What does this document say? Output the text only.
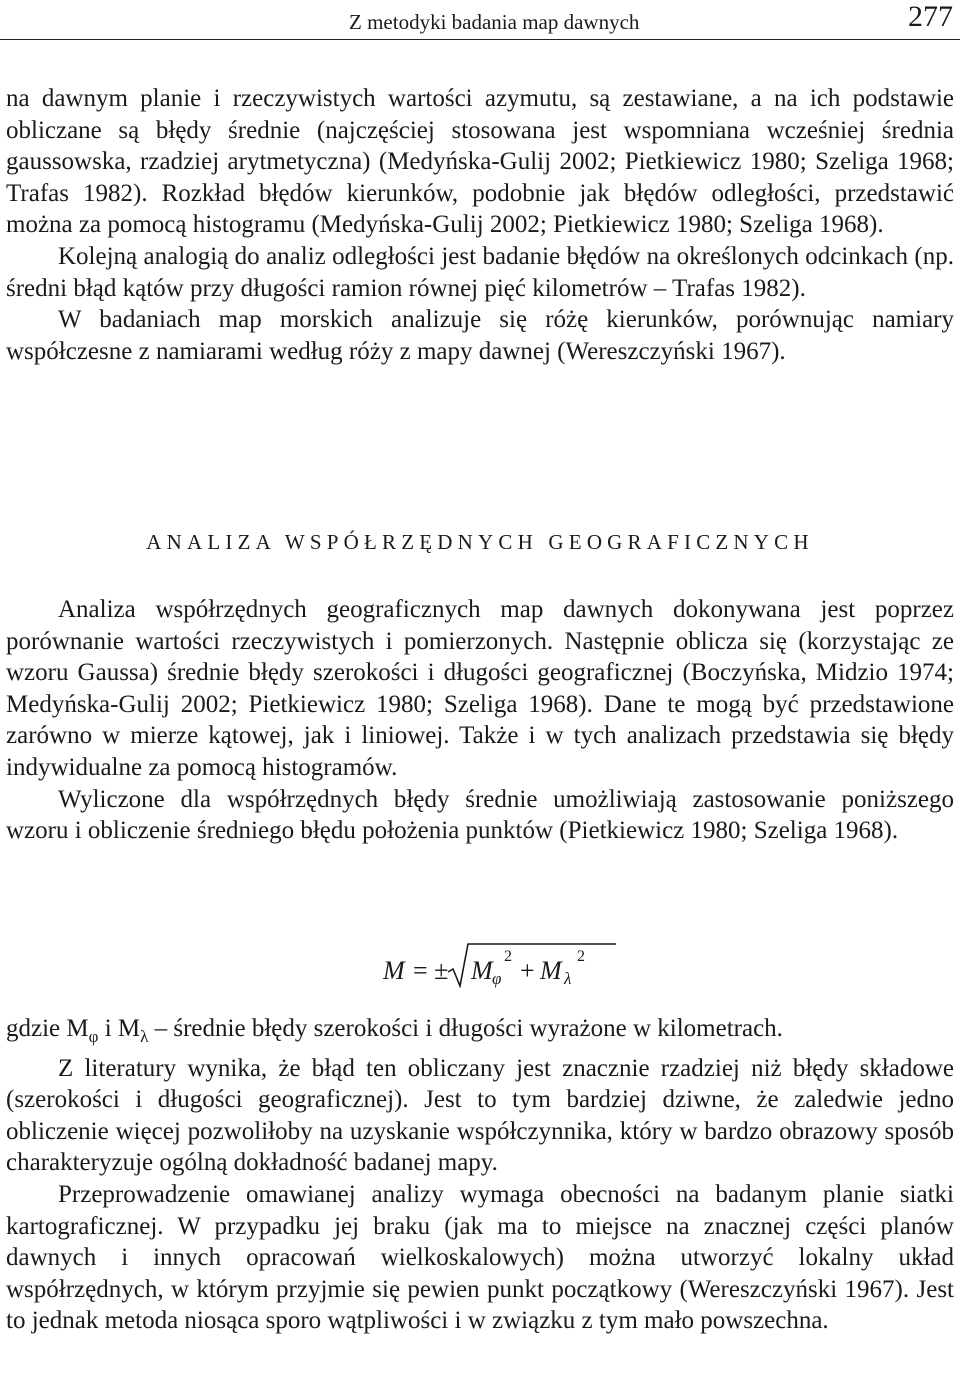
Z metodyki badania map dawnych	277

na dawnym planie i rzeczywistych wartości azymutu, są zestawiane, a na ich podstawie obliczane są błędy średnie (najczęściej stosowana jest wspomniana wcześniej średnia gaussowska, rzadziej arytmetyczna) (Medyńska-Gulij 2002; Pietkiewicz 1980; Szeliga 1968; Trafas 1982). Rozkład błędów kierunków, podobnie jak błędów odległości, przedstawić można za pomocą histogramu (Medyńska-Gulij 2002; Pietkiewicz 1980; Szeliga 1968).

Kolejną analogią do analiz odległości jest badanie błędów na określonych odcinkach (np. średni błąd kątów przy długości ramion równej pięć kilometrów – Trafas 1982).

W badaniach map morskich analizuje się różę kierunków, porównując namiary współczesne z namiarami według róży z mapy dawnej (Wereszczyński 1967).

ANALIZA WSPÓŁRZĘDNYCH GEOGRAFICZNYCH

Analiza współrzędnych geograficznych map dawnych dokonywana jest poprzez porównanie wartości rzeczywistych i pomierzonych. Następnie oblicza się (korzystając ze wzoru Gaussa) średnie błędy szerokości i długości geograficznej (Boczyńska, Midzio 1974; Medyńska-Gulij 2002; Pietkiewicz 1980; Szeliga 1968). Dane te mogą być przedstawione zarówno w mierze kątowej, jak i liniowej. Także i w tych analizach przedstawia się błędy indywidualne za pomocą histogramów.

Wyliczone dla współrzędnych błędy średnie umożliwiają zastosowanie poniższego wzoru i obliczenie średniego błędu położenia punktów (Pietkiewicz 1980; Szeliga 1968).

M = ± M φ
2 + M λ
2

gdzie $M_\varphi$ i $M_\lambda$ – średnie błędy szerokości i długości wyrażone w kilometrach.

Z literatury wynika, że błąd ten obliczany jest znacznie rzadziej niż błędy składowe (szerokości i długości geograficznej). Jest to tym bardziej dziwne, że zaledwie jedno obliczenie więcej pozwoliłoby na uzyskanie współczynnika, który w bardzo obrazowy sposób charakteryzuje ogólną dokładność badanej mapy.

Przeprowadzenie omawianej analizy wymaga obecności na badanym planie siatki kartograficznej. W przypadku jej braku (jak ma to miejsce na znacznej części planów dawnych i innych opracowań wielkoskalowych) można utworzyć lokalny układ współrzędnych, w którym przyjmie się pewien punkt początkowy (Wereszczyński 1967). Jest to jednak metoda niosąca sporo wątpliwości i w związku z tym mało powszechna.
